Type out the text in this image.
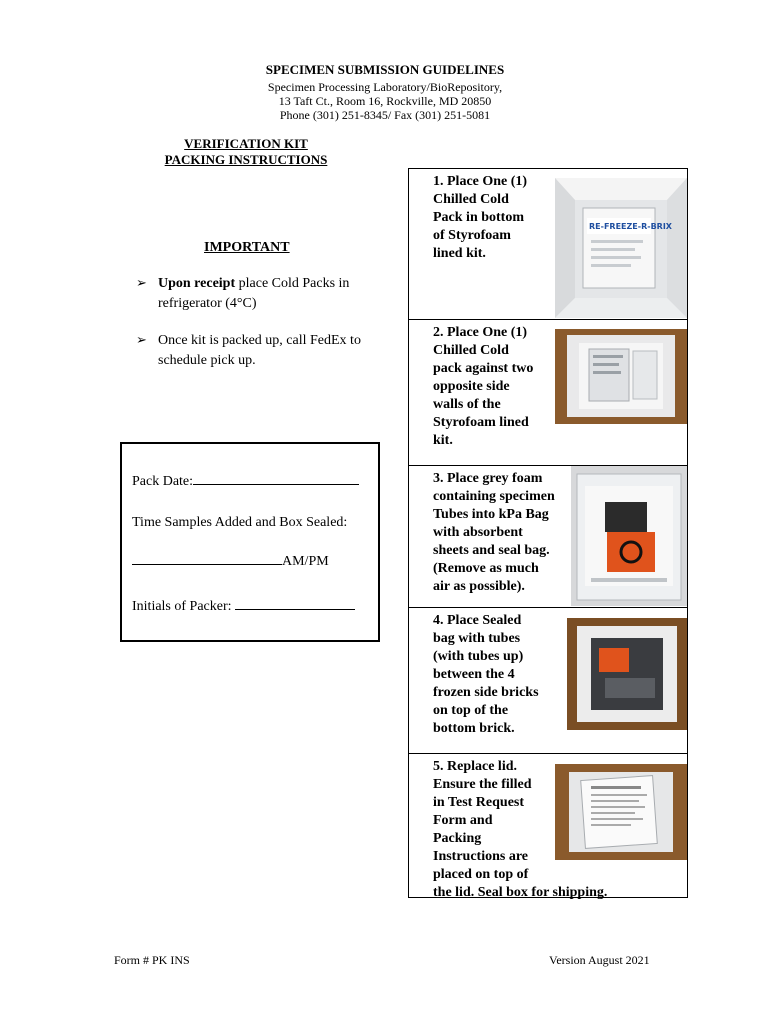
SPECIMEN SUBMISSION GUIDELINES
Specimen Processing Laboratory/BioRepository,
13 Taft Ct., Room 16, Rockville, MD 20850
Phone (301) 251-8345/ Fax (301) 251-5081
VERIFICATION KIT
PACKING INSTRUCTIONS
IMPORTANT
➢ Upon receipt place Cold Packs in refrigerator (4°C)
➢ Once kit is packed up, call FedEx to schedule pick up.
Pack Date:
Time Samples Added and Box Sealed:
AM/PM
Initials of Packer:
1. Place One (1)
Chilled Cold
Pack in bottom
of Styrofoam
lined kit.
RE-FREEZE-R-BRIX
2. Place One (1)
Chilled Cold
pack against two
opposite side
walls of the
Styrofoam lined
kit.
3. Place grey foam
containing specimen
Tubes into kPa Bag
with absorbent
sheets and seal bag.
(Remove as much
air as possible).
4. Place Sealed
bag with tubes
(with tubes up)
between the 4
frozen side bricks
on top of the
bottom brick.
5. Replace lid.
Ensure the filled
in Test Request
Form and
Packing
Instructions are
placed on top of
the lid. Seal box for shipping.
Form # PK INS	Version August 2021
